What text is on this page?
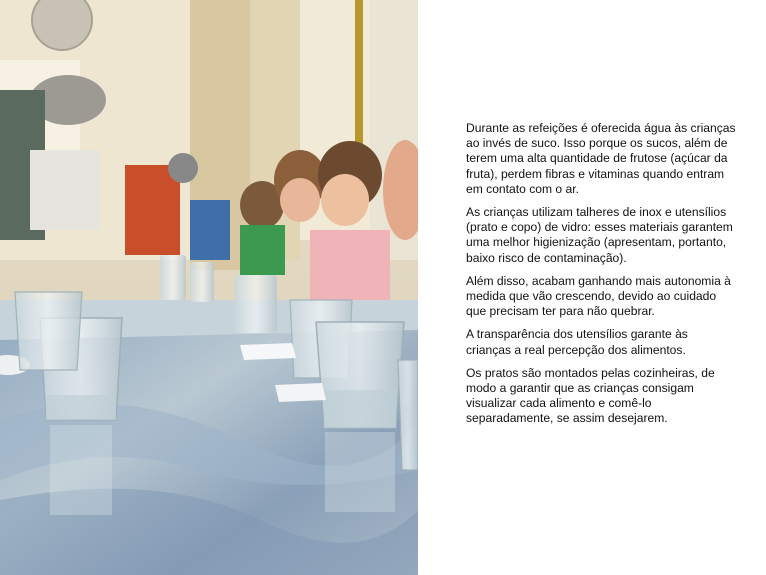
Durante as refeições é oferecida água às crianças ao invés de suco. Isso porque os sucos, além de terem uma alta quantidade de frutose (açúcar da fruta), perdem fibras e vitaminas quando entram em contato com o ar.

As crianças utilizam talheres de inox e utensílios (prato e copo) de vidro: esses materiais garantem uma melhor higienização (apresentam, portanto, baixo risco de contaminação).

Além disso, acabam ganhando mais autonomia à medida que vão crescendo, devido ao cuidado que precisam ter para não quebrar.

A transparência dos utensílios garante às crianças a real percepção dos alimentos.

Os pratos são montados pelas cozinheiras, de modo a garantir que as crianças consigam visualizar cada alimento e comê-lo separadamente, se assim desejarem.
